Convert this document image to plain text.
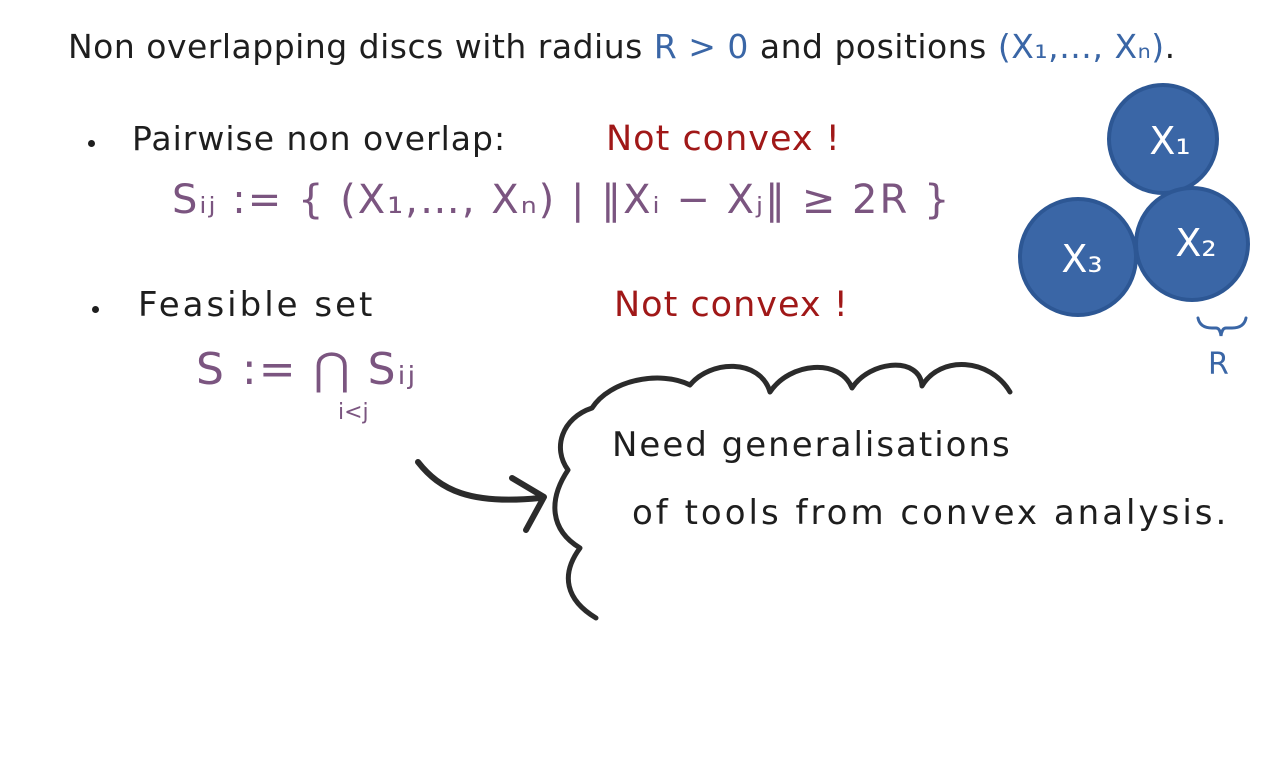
Non overlapping discs with radius R > 0 and positions (X₁,…, Xₙ).
Pairwise non overlap:	Not convex !
Sᵢⱼ := { (X₁,…, Xₙ) | ‖Xᵢ − Xⱼ‖ ≥ 2R }
Feasible set	Not convex !
S := ⋂ Sᵢⱼ
i<j
X₁
X₂
X₃
R
Need generalisations
of tools from convex analysis.
